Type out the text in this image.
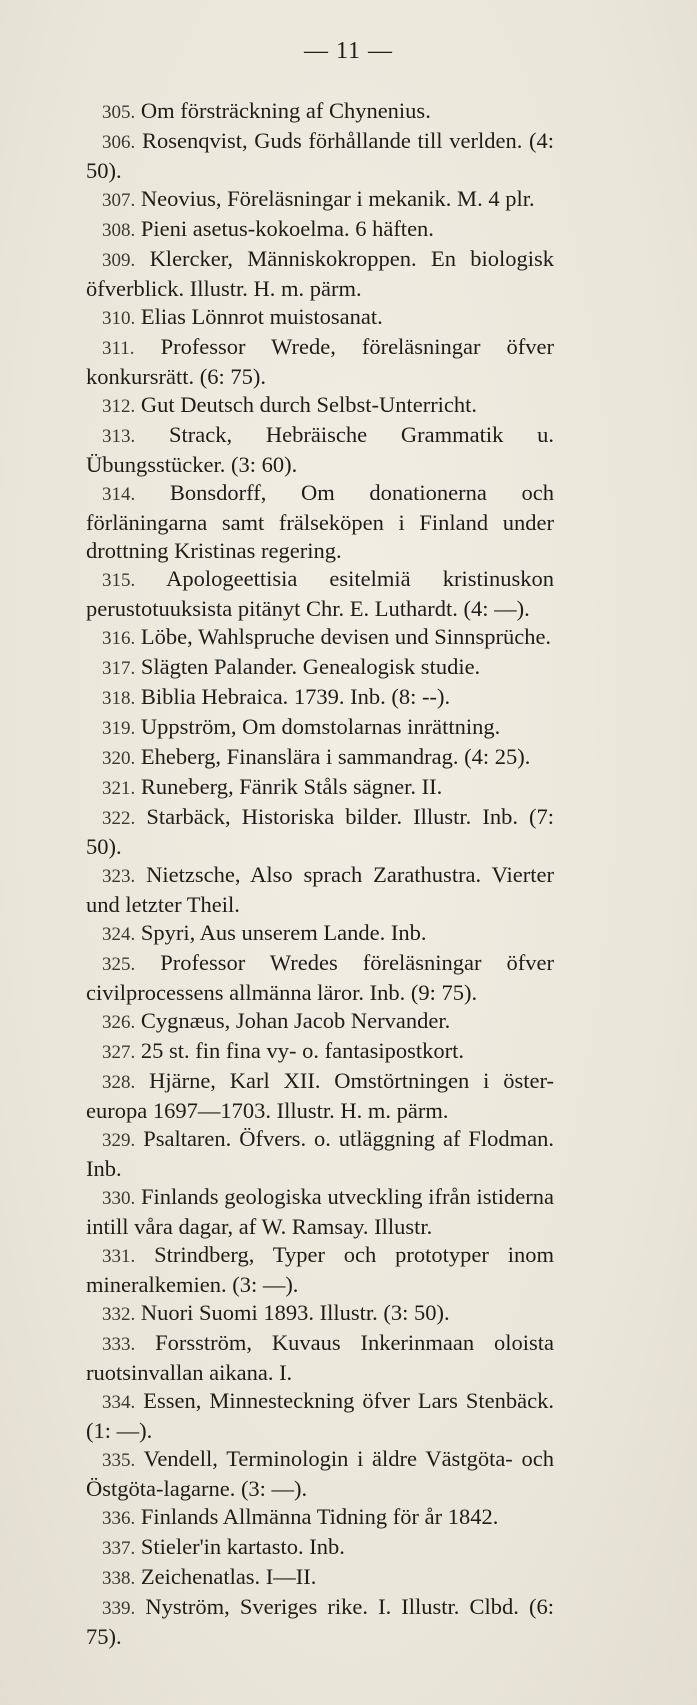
— 11 —

305. Om försträckning af Chynenius.

306. Rosenqvist, Guds förhållande till verlden. (4: 50).

307. Neovius, Föreläsningar i mekanik. M. 4 plr.

308. Pieni asetus-kokoelma. 6 häften.

309. Klercker, Människokroppen. En biologisk öfverblick. Illustr. H. m. pärm.

310. Elias Lönnrot muistosanat.

311. Professor Wrede, föreläsningar öfver konkursrätt. (6: 75).

312. Gut Deutsch durch Selbst-Unterricht.

313. Strack, Hebräische Grammatik u. Übungsstücker. (3: 60).

314. Bonsdorff, Om donationerna och förläningarna samt frälseköpen i Finland under drottning Kristinas regering.

315. Apologeettisia esitelmiä kristinuskon perustotuuksista pitänyt Chr. E. Luthardt. (4: —).

316. Löbe, Wahlspruche devisen und Sinnsprüche.

317. Slägten Palander. Genealogisk studie.

318. Biblia Hebraica. 1739. Inb. (8: --).

319. Uppström, Om domstolarnas inrättning.

320. Eheberg, Finanslära i sammandrag. (4: 25).

321. Runeberg, Fänrik Ståls sägner. II.

322. Starbäck, Historiska bilder. Illustr. Inb. (7: 50).

323. Nietzsche, Also sprach Zarathustra. Vierter und letzter Theil.

324. Spyri, Aus unserem Lande. Inb.

325. Professor Wredes föreläsningar öfver civilprocessens allmänna läror. Inb. (9: 75).

326. Cygnæus, Johan Jacob Nervander.

327. 25 st. fin fina vy- o. fantasipostkort.

328. Hjärne, Karl XII. Omstörtningen i öster-europa 1697—1703. Illustr. H. m. pärm.

329. Psaltaren. Öfvers. o. utläggning af Flodman. Inb.

330. Finlands geologiska utveckling ifrån istiderna intill våra dagar, af W. Ramsay. Illustr.

331. Strindberg, Typer och prototyper inom mineralkemien. (3: —).

332. Nuori Suomi 1893. Illustr. (3: 50).

333. Forsström, Kuvaus Inkerinmaan oloista ruotsinvallan aikana. I.

334. Essen, Minnesteckning öfver Lars Stenbäck. (1: —).

335. Vendell, Terminologin i äldre Västgöta- och Östgöta-lagarne. (3: —).

336. Finlands Allmänna Tidning för år 1842.

337. Stieler'in kartasto. Inb.

338. Zeichenatlas. I—II.

339. Nyström, Sveriges rike. I. Illustr. Clbd. (6: 75).
